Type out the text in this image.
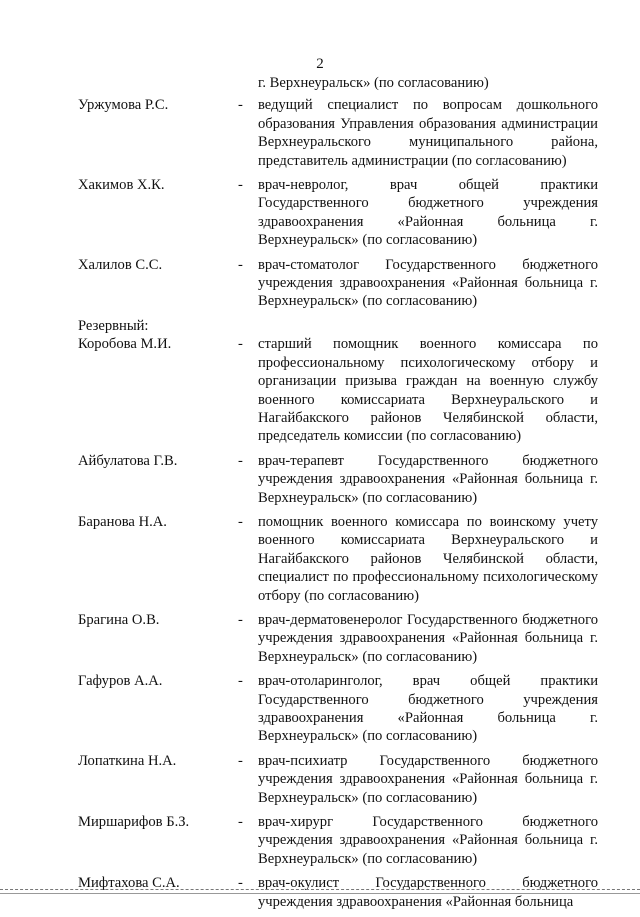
2
г. Верхнеуральск» (по согласованию)
Уржумова Р.С.	-	ведущий специалист по вопросам дошкольного образования Управления образования администрации Верхнеуральского муниципального района, представитель администрации (по согласованию)
Хакимов Х.К.	-	врач-невролог, врач общей практики Государственного бюджетного учреждения здравоохранения «Районная больница г. Верхнеуральск» (по согласованию)
Халилов С.С.	-	врач-стоматолог Государственного бюджетного учреждения здравоохранения «Районная больница г. Верхнеуральск» (по согласованию)
Резервный:
Коробова М.И.	-	старший помощник военного комиссара по профессиональному психологическому отбору и организации призыва граждан на военную службу военного комиссариата Верхнеуральского и Нагайбакского районов Челябинской области, председатель комиссии (по согласованию)
Айбулатова Г.В.	-	врач-терапевт Государственного бюджетного учреждения здравоохранения «Районная больница г. Верхнеуральск» (по согласованию)
Баранова Н.А.	-	помощник военного комиссара по воинскому учету военного комиссариата Верхнеуральского и Нагайбакского районов Челябинской области, специалист по профессиональному психологическому отбору (по согласованию)
Брагина О.В.	-	врач-дерматовенеролог Государственного бюджетного учреждения здравоохранения «Районная больница г. Верхнеуральск» (по согласованию)
Гафуров А.А.	-	врач-отоларинголог, врач общей практики Государственного бюджетного учреждения здравоохранения «Районная больница г. Верхнеуральск» (по согласованию)
Лопаткина Н.А.	-	врач-психиатр Государственного бюджетного учреждения здравоохранения «Районная больница г. Верхнеуральск» (по согласованию)
Миршарифов Б.З.	-	врач-хирург Государственного бюджетного учреждения здравоохранения «Районная больница г. Верхнеуральск» (по согласованию)
Мифтахова С.А.	-	врач-окулист Государственного бюджетного учреждения здравоохранения «Районная больница
